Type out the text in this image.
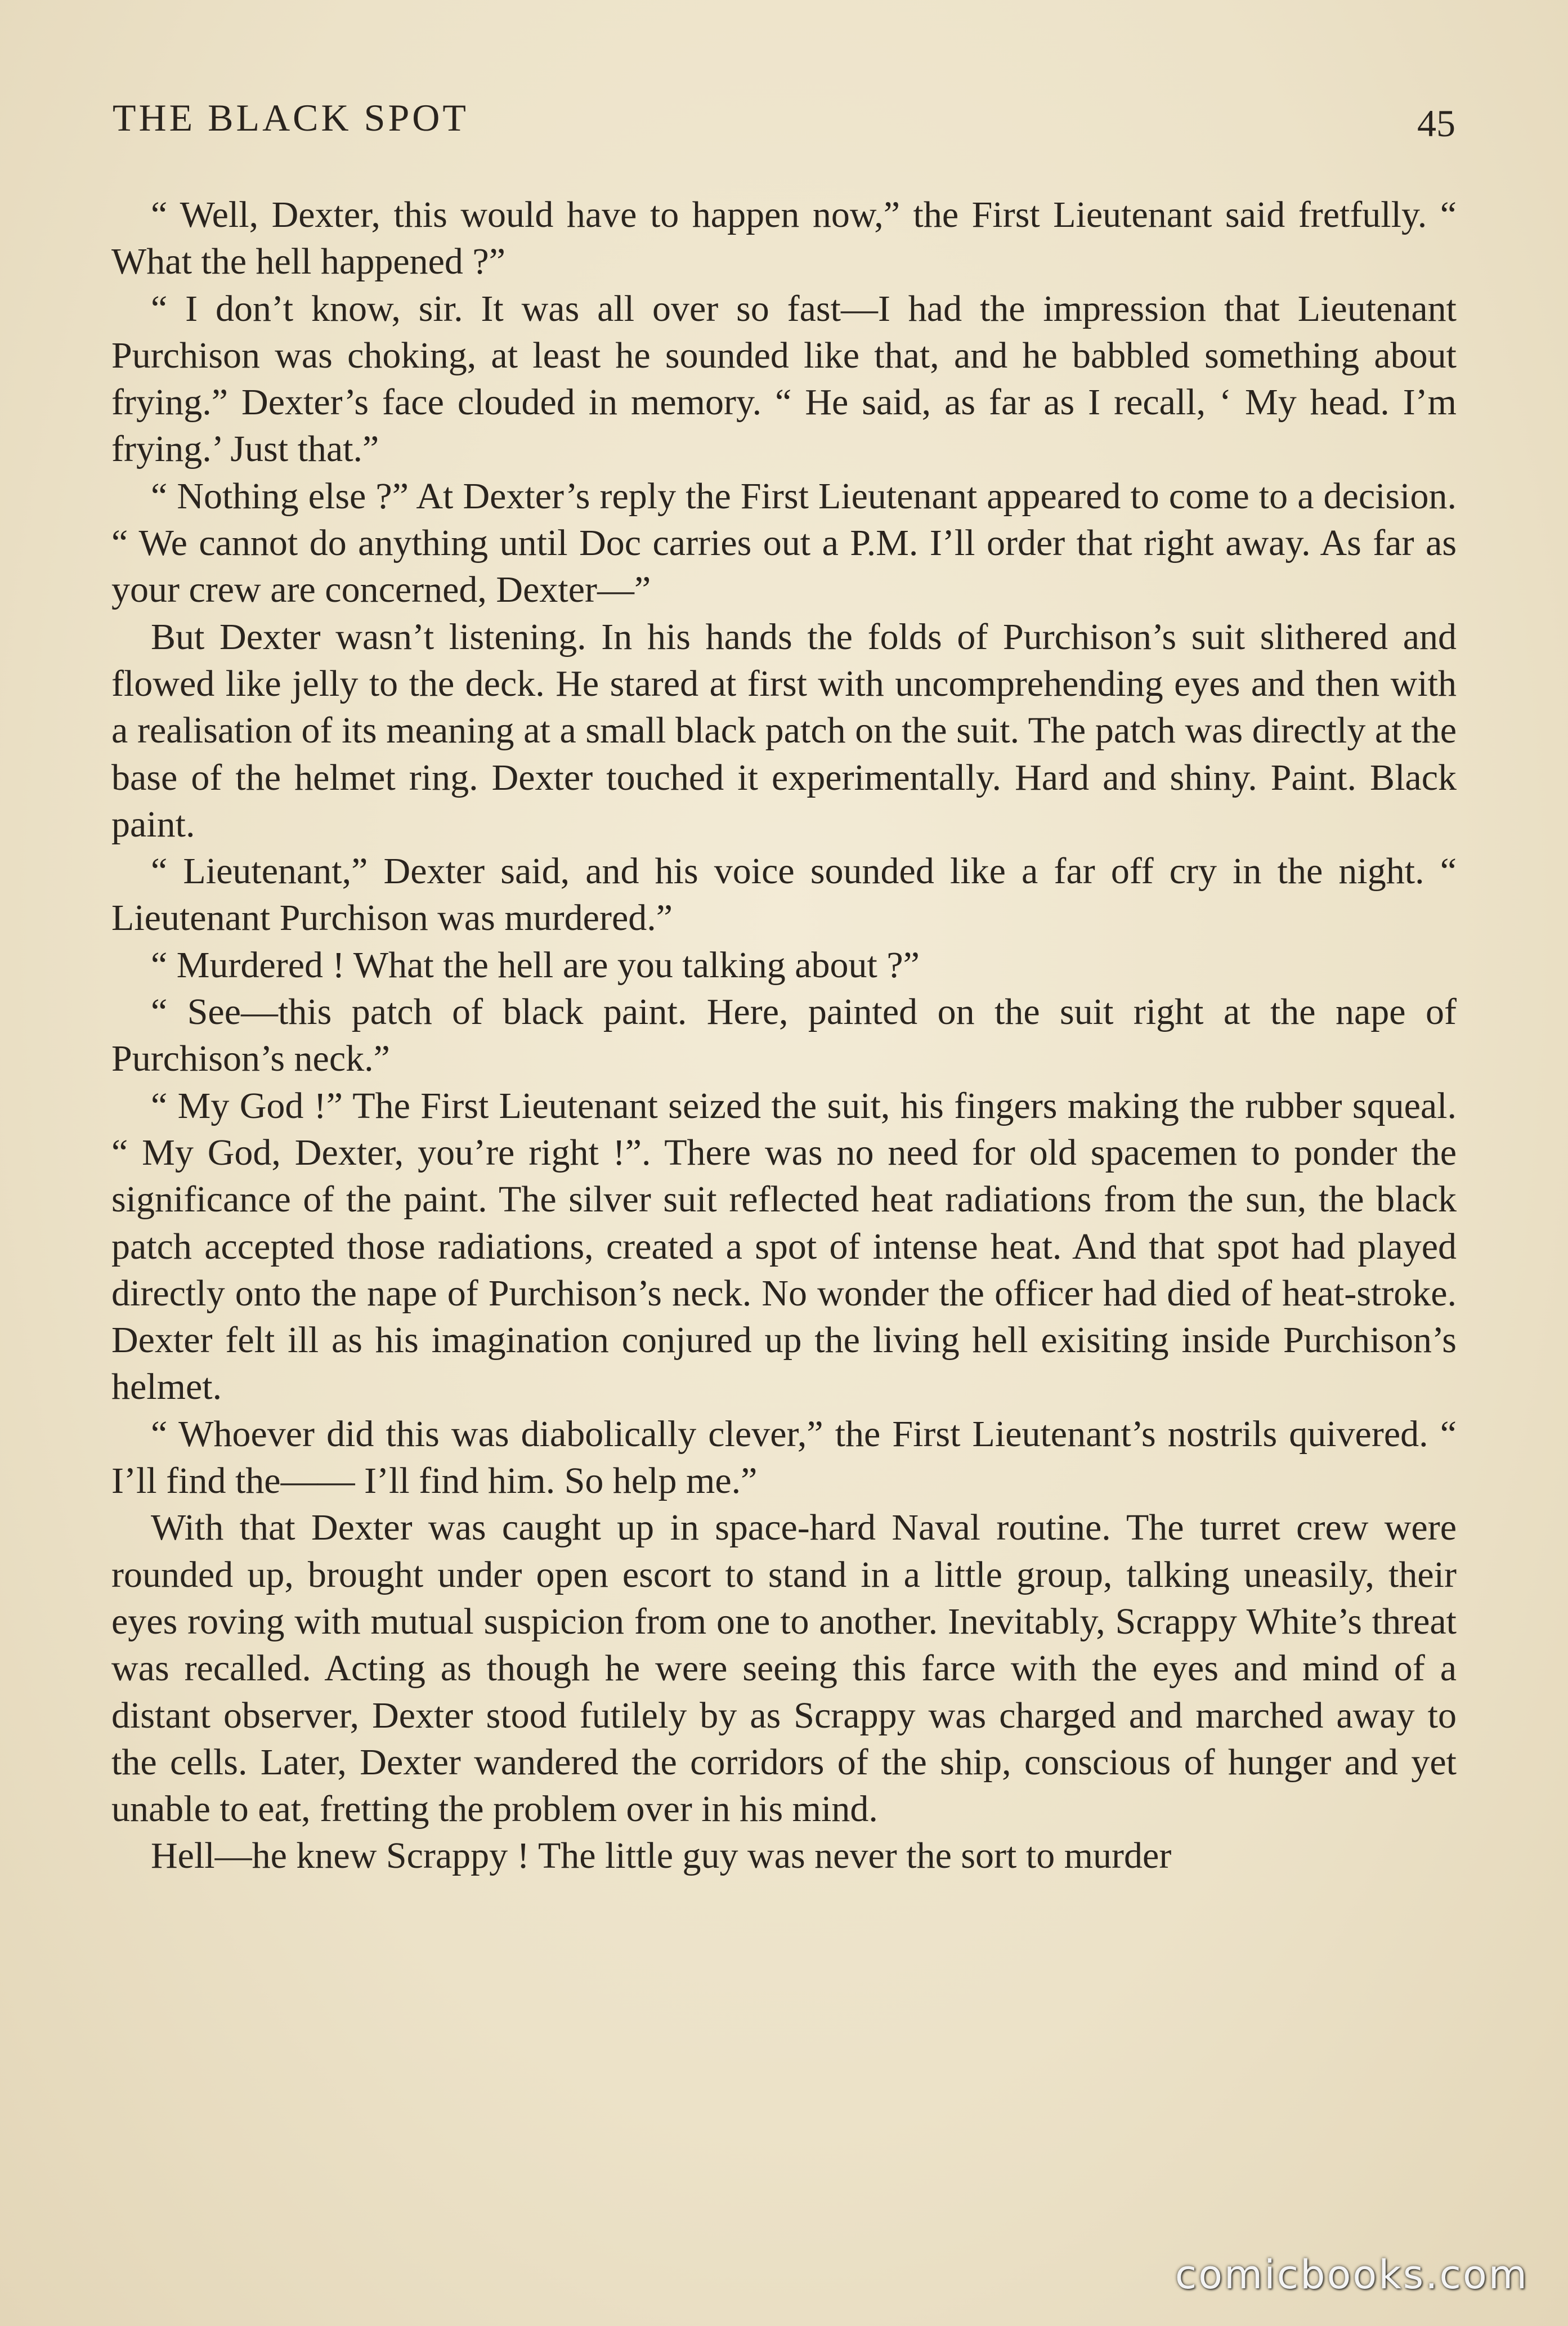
THE BLACK SPOT	45

“ Well, Dexter, this would have to happen now,” the First Lieutenant said fretfully. “ What the hell happened ?”

“ I don’t know, sir. It was all over so fast—I had the impression that Lieutenant Purchison was choking, at least he sounded like that, and he babbled something about frying.” Dexter’s face clouded in memory. “ He said, as far as I recall, ‘ My head. I’m frying.’ Just that.”

“ Nothing else ?” At Dexter’s reply the First Lieutenant appeared to come to a decision. “ We cannot do anything until Doc carries out a P.M. I’ll order that right away. As far as your crew are concerned, Dexter—”

But Dexter wasn’t listening. In his hands the folds of Purchison’s suit slithered and flowed like jelly to the deck. He stared at first with uncomprehending eyes and then with a realisation of its meaning at a small black patch on the suit. The patch was directly at the base of the helmet ring. Dexter touched it experimentally. Hard and shiny. Paint. Black paint.

“ Lieutenant,” Dexter said, and his voice sounded like a far off cry in the night. “ Lieutenant Purchison was murdered.”

“ Murdered ! What the hell are you talking about ?”

“ See—this patch of black paint. Here, painted on the suit right at the nape of Purchison’s neck.”

“ My God !” The First Lieutenant seized the suit, his fingers making the rubber squeal. “ My God, Dexter, you’re right !”. There was no need for old spacemen to ponder the significance of the paint. The silver suit reflected heat radiations from the sun, the black patch accepted those radiations, created a spot of intense heat. And that spot had played directly onto the nape of Purchison’s neck. No wonder the officer had died of heat-stroke. Dexter felt ill as his imagination conjured up the living hell exisiting inside Purchison’s helmet.

“ Whoever did this was diabolically clever,” the First Lieutenant’s nostrils quivered. “ I’ll find the—— I’ll find him. So help me.”

With that Dexter was caught up in space-hard Naval routine. The turret crew were rounded up, brought under open escort to stand in a little group, talking uneasily, their eyes roving with mutual suspicion from one to another. Inevitably, Scrappy White’s threat was recalled. Acting as though he were seeing this farce with the eyes and mind of a distant observer, Dexter stood futilely by as Scrappy was charged and marched away to the cells. Later, Dexter wandered the corridors of the ship, conscious of hunger and yet unable to eat, fretting the problem over in his mind.

Hell—he knew Scrappy ! The little guy was never the sort to murder

comicbooks.com
